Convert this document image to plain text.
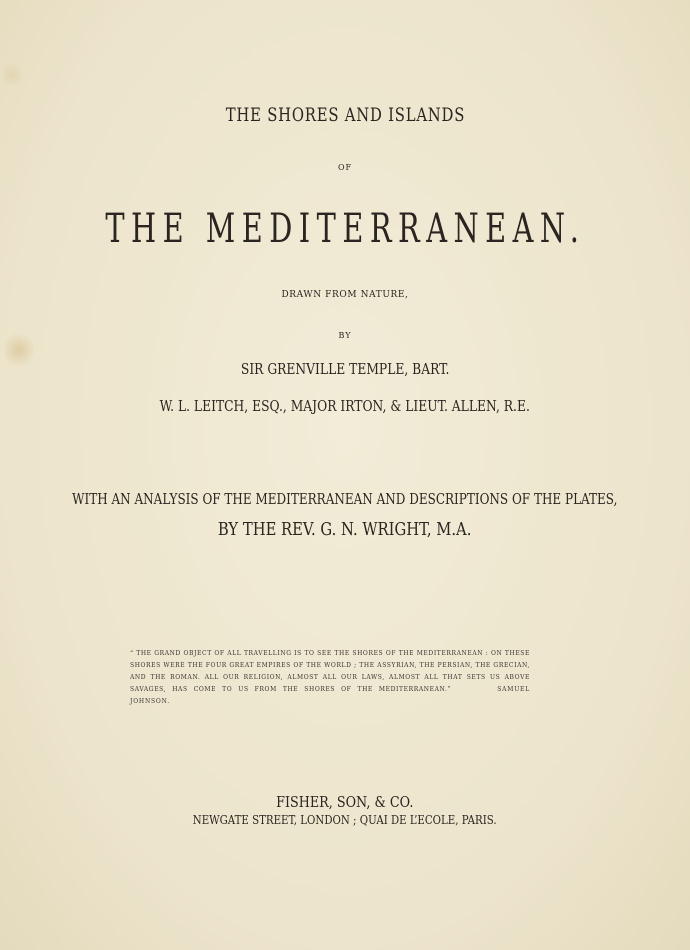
THE SHORES AND ISLANDS
OF
THE MEDITERRANEAN.
DRAWN FROM NATURE,
BY
SIR GRENVILLE TEMPLE, BART.
W. L. LEITCH, ESQ., MAJOR IRTON, & LIEUT. ALLEN, R.E.
WITH AN ANALYSIS OF THE MEDITERRANEAN AND DESCRIPTIONS OF THE PLATES,
BY THE REV. G. N. WRIGHT, M.A.
“ THE GRAND OBJECT OF ALL TRAVELLING IS TO SEE THE SHORES OF THE MEDITERRANEAN : ON THESE SHORES WERE THE FOUR GREAT EMPIRES OF THE WORLD ; THE ASSYRIAN, THE PERSIAN, THE GRECIAN, AND THE ROMAN. ALL OUR RELIGION, ALMOST ALL OUR LAWS, ALMOST ALL THAT SETS US ABOVE SAVAGES, HAS COME TO US FROM THE SHORES OF THE MEDITERRANEAN.”	SAMUEL JOHNSON.
FISHER, SON, & CO.
NEWGATE STREET, LONDON ; QUAI DE L’ECOLE, PARIS.
